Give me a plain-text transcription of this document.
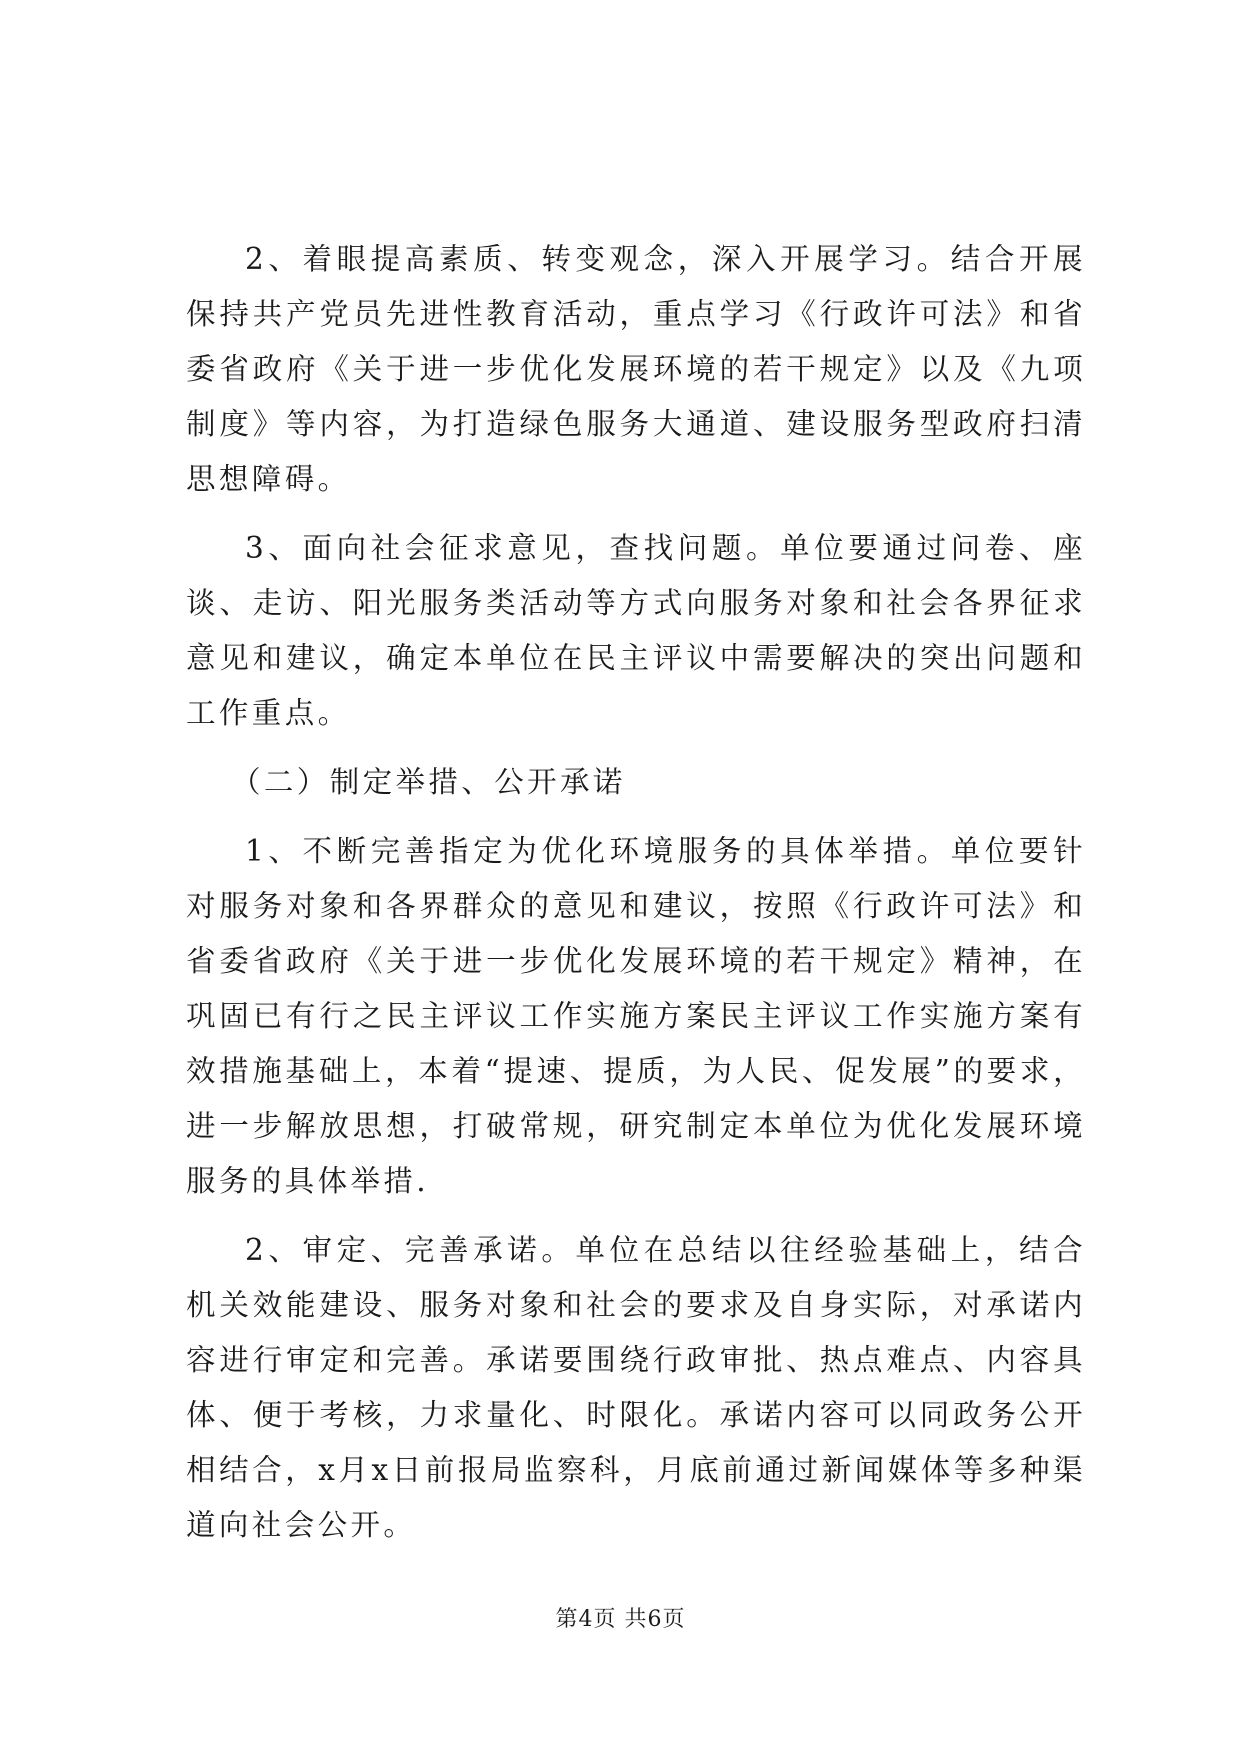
2、着眼提高素质、转变观念，深入开展学习。结合开展保持共产党员先进性教育活动，重点学习《行政许可法》和省委省政府《关于进一步优化发展环境的若干规定》以及《九项制度》等内容，为打造绿色服务大通道、建设服务型政府扫清思想障碍。

3、面向社会征求意见，查找问题。单位要通过问卷、座谈、走访、阳光服务类活动等方式向服务对象和社会各界征求意见和建议，确定本单位在民主评议中需要解决的突出问题和工作重点。

（二）制定举措、公开承诺

1、不断完善指定为优化环境服务的具体举措。单位要针对服务对象和各界群众的意见和建议，按照《行政许可法》和省委省政府《关于进一步优化发展环境的若干规定》精神，在巩固已有行之民主评议工作实施方案民主评议工作实施方案有效措施基础上，本着“提速、提质，为人民、促发展”的要求，进一步解放思想，打破常规，研究制定本单位为优化发展环境服务的具体举措.

2、审定、完善承诺。单位在总结以往经验基础上，结合机关效能建设、服务对象和社会的要求及自身实际，对承诺内容进行审定和完善。承诺要围绕行政审批、热点难点、内容具体、便于考核，力求量化、时限化。承诺内容可以同政务公开相结合，x月x日前报局监察科，月底前通过新闻媒体等多种渠道向社会公开。

第4页 共6页
